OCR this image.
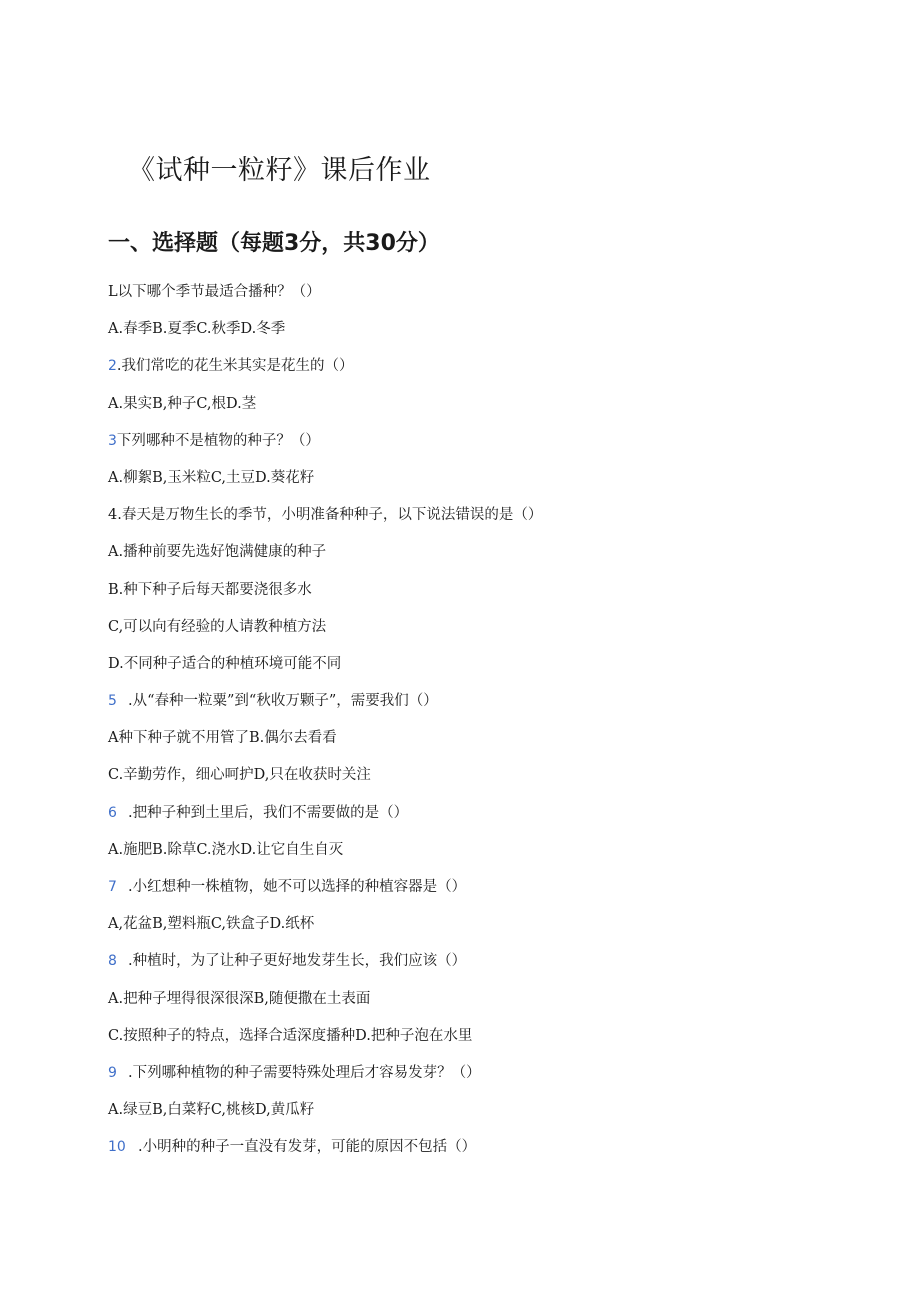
《试种一粒籽》课后作业
一、选择题（每题3分，共30分）
L以下哪个季节最适合播种？（）
A.春季B.夏季C.秋季D.冬季
2.我们常吃的花生米其实是花生的（）
A.果实B,种子C,根D.茎
3下列哪种不是植物的种子？（）
A.柳絮B,玉米粒C,土豆D.葵花籽
4.春天是万物生长的季节，小明准备种种子，以下说法错误的是（）
A.播种前要先选好饱满健康的种子
B.种下种子后每天都要浇很多水
C,可以向有经验的人请教种植方法
D.不同种子适合的种植环境可能不同
5 .从“春种一粒粟”到“秋收万颗子”，需要我们（）
A种下种子就不用管了B.偶尔去看看
C.辛勤劳作，细心呵护D,只在收获时关注
6 .把种子种到土里后，我们不需要做的是（）
A.施肥B.除草C.浇水D.让它自生自灭
7 .小红想种一株植物，她不可以选择的种植容器是（）
A,花盆B,塑料瓶C,铁盒子D.纸杯
8 .种植时，为了让种子更好地发芽生长，我们应该（）
A.把种子埋得很深很深B,随便撒在土表面
C.按照种子的特点，选择合适深度播种D.把种子泡在水里
9 .下列哪种植物的种子需要特殊处理后才容易发芽？（）
A.绿豆B,白菜籽C,桃核D,黄瓜籽
10 .小明种的种子一直没有发芽，可能的原因不包括（）
